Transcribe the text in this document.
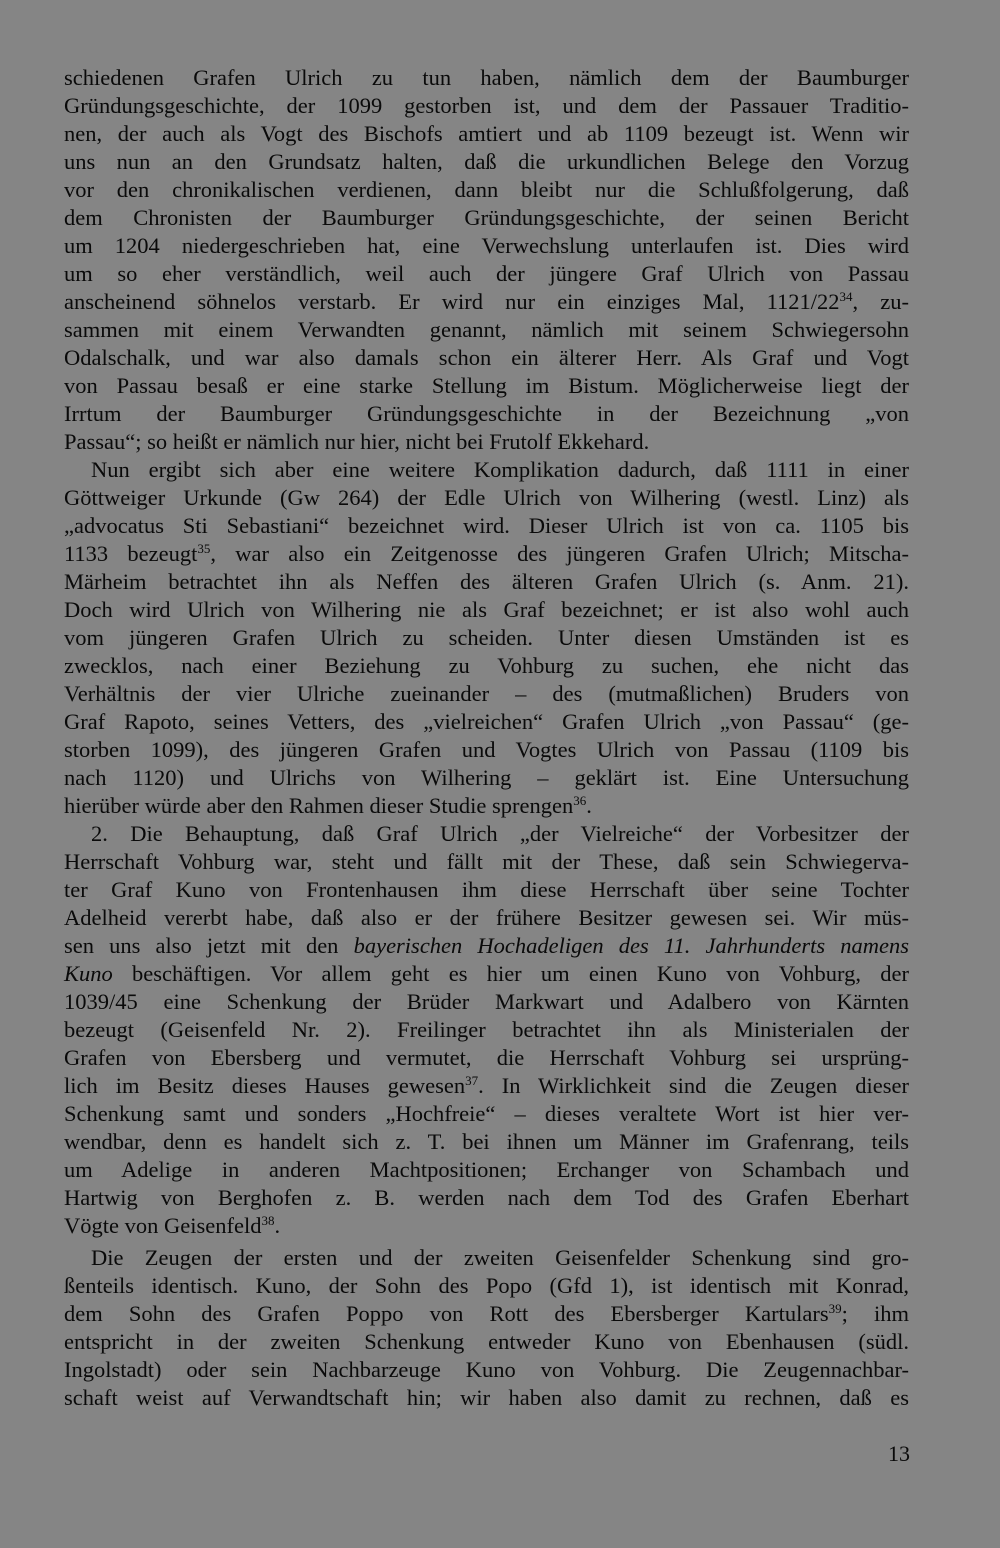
schiedenen Grafen Ulrich zu tun haben, nämlich dem der Baumburger
Gründungsgeschichte, der 1099 gestorben ist, und dem der Passauer Traditio-
nen, der auch als Vogt des Bischofs amtiert und ab 1109 bezeugt ist. Wenn wir
uns nun an den Grundsatz halten, daß die urkundlichen Belege den Vorzug
vor den chronikalischen verdienen, dann bleibt nur die Schlußfolgerung, daß
dem Chronisten der Baumburger Gründungsgeschichte, der seinen Bericht
um 1204 niedergeschrieben hat, eine Verwechslung unterlaufen ist. Dies wird
um so eher verständlich, weil auch der jüngere Graf Ulrich von Passau
anscheinend söhnelos verstarb. Er wird nur ein einziges Mal, $1121/22^{34}$, zu-
sammen mit einem Verwandten genannt, nämlich mit seinem Schwiegersohn
Odalschalk, und war also damals schon ein älterer Herr. Als Graf und Vogt
von Passau besaß er eine starke Stellung im Bistum. Möglicherweise liegt der
Irrtum der Baumburger Gründungsgeschichte in der Bezeichnung „von
Passau“; so heißt er nämlich nur hier, nicht bei Frutolf Ekkehard.
Nun ergibt sich aber eine weitere Komplikation dadurch, daß 1111 in einer
Göttweiger Urkunde (Gw 264) der Edle Ulrich von Wilhering (westl. Linz) als
„advocatus Sti Sebastiani“ bezeichnet wird. Dieser Ulrich ist von ca. 1105 bis
1133 bezeugt$^{35}$, war also ein Zeitgenosse des jüngeren Grafen Ulrich; Mitscha-
Märheim betrachtet ihn als Neffen des älteren Grafen Ulrich (s. Anm. 21).
Doch wird Ulrich von Wilhering nie als Graf bezeichnet; er ist also wohl auch
vom jüngeren Grafen Ulrich zu scheiden. Unter diesen Umständen ist es
zwecklos, nach einer Beziehung zu Vohburg zu suchen, ehe nicht das
Verhältnis der vier Ulriche zueinander – des (mutmaßlichen) Bruders von
Graf Rapoto, seines Vetters, des „vielreichen“ Grafen Ulrich „von Passau“ (ge-
storben 1099), des jüngeren Grafen und Vogtes Ulrich von Passau (1109 bis
nach 1120) und Ulrichs von Wilhering – geklärt ist. Eine Untersuchung
hierüber würde aber den Rahmen dieser Studie sprengen$^{36}$.
2. Die Behauptung, daß Graf Ulrich „der Vielreiche“ der Vorbesitzer der
Herrschaft Vohburg war, steht und fällt mit der These, daß sein Schwiegerva-
ter Graf Kuno von Frontenhausen ihm diese Herrschaft über seine Tochter
Adelheid vererbt habe, daß also er der frühere Besitzer gewesen sei. Wir müs-
sen uns also jetzt mit den bayerischen Hochadeligen des 11. Jahrhunderts namens
Kuno beschäftigen. Vor allem geht es hier um einen Kuno von Vohburg, der
1039/45 eine Schenkung der Brüder Markwart und Adalbero von Kärnten
bezeugt (Geisenfeld Nr. 2). Freilinger betrachtet ihn als Ministerialen der
Grafen von Ebersberg und vermutet, die Herrschaft Vohburg sei ursprüng-
lich im Besitz dieses Hauses gewesen$^{37}$. In Wirklichkeit sind die Zeugen dieser
Schenkung samt und sonders „Hochfreie“ – dieses veraltete Wort ist hier ver-
wendbar, denn es handelt sich z. T. bei ihnen um Männer im Grafenrang, teils
um Adelige in anderen Machtpositionen; Erchanger von Schambach und
Hartwig von Berghofen z. B. werden nach dem Tod des Grafen Eberhart
Vögte von Geisenfeld$^{38}$.
Die Zeugen der ersten und der zweiten Geisenfelder Schenkung sind gro-
ßenteils identisch. Kuno, der Sohn des Popo (Gfd 1), ist identisch mit Konrad,
dem Sohn des Grafen Poppo von Rott des Ebersberger Kartulars$^{39}$; ihm
entspricht in der zweiten Schenkung entweder Kuno von Ebenhausen (südl.
Ingolstadt) oder sein Nachbarzeuge Kuno von Vohburg. Die Zeugennachbar-
schaft weist auf Verwandtschaft hin; wir haben also damit zu rechnen, daß es
13
